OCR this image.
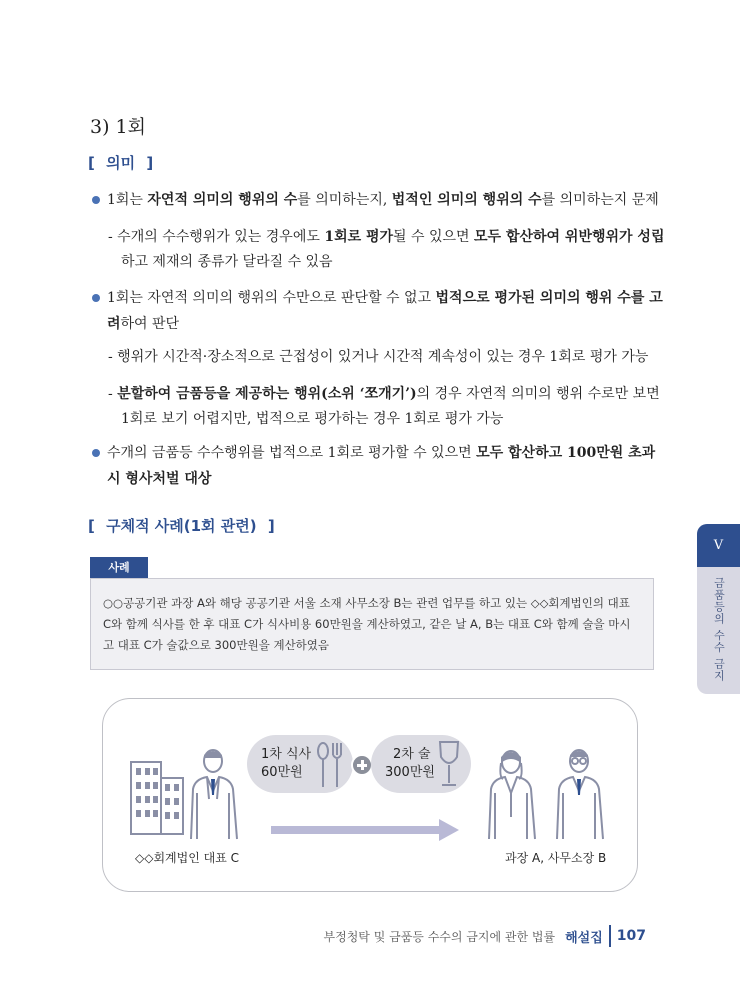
3) 1회
[ 의미 ]
1회는 자연적 의미의 행위의 수를 의미하는지, 법적인 의미의 행위의 수를 의미하는지 문제
- 수개의 수수행위가 있는 경우에도 1회로 평가될 수 있으면 모두 합산하여 위반행위가 성립하고 제재의 종류가 달라질 수 있음
1회는 자연적 의미의 행위의 수만으로 판단할 수 없고 법적으로 평가된 의미의 행위 수를 고려하여 판단
- 행위가 시간적·장소적으로 근접성이 있거나 시간적 계속성이 있는 경우 1회로 평가 가능
- 분할하여 금품등을 제공하는 행위(소위 ‘쪼개기’)의 경우 자연적 의미의 행위 수로만 보면 1회로 보기 어렵지만, 법적으로 평가하는 경우 1회로 평가 가능
수개의 금품등 수수행위를 법적으로 1회로 평가할 수 있으면 모두 합산하고 100만원 초과 시 형사처벌 대상
[ 구체적 사례(1회 관련) ]
사례
○○공공기관 과장 A와 해당 공공기관 서울 소재 사무소장 B는 관련 업무를 하고 있는 ◇◇회계법인의 대표 C와 함께 식사를 한 후 대표 C가 식사비용 60만원을 계산하였고, 같은 날 A, B는 대표 C와 함께 술을 마시고 대표 C가 술값으로 300만원을 계산하였음
1차 식사
60만원
2차 술
300만원
◇◇회계법인 대표 C	과장 A, 사무소장 B
V
금품등의 수수 금지
부정청탁 및 금품등 수수의 금지에 관한 법률 해설집 107
